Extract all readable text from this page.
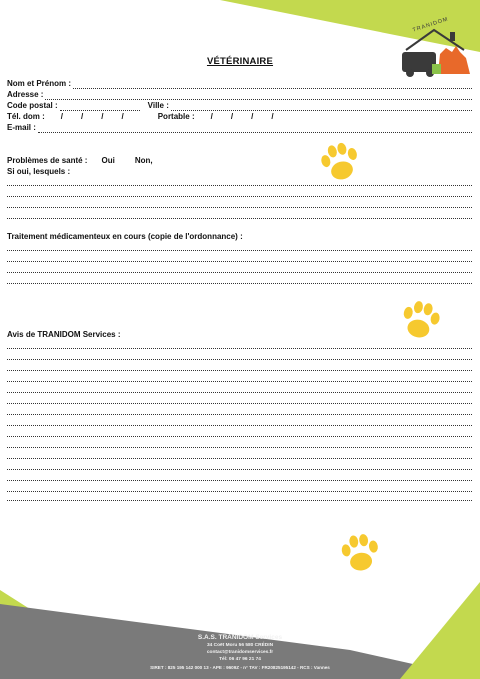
TRANIDOM
VÉTÉRINAIRE
Nom et Prénom :
Adresse :
Code postal :	Ville :
Tél. dom : / / / /	Portable : / / / /
E-mail :
Problèmes de santé : Oui	Non,
Si oui, lesquels :
Traitement médicamenteux en cours (copie de l'ordonnance) :
Avis de TRANIDOM Services :
S.A.S. TRANIDOM Services
34 Coët Moru 56 580 CRÉDIN
contact@tranidomservices.fr
Tél: 06 47 96 21 74
SIRET : 825 195 142 000 13 - APE : 9609Z - n° TAV : FR20825195142 - RCS : Vannes
